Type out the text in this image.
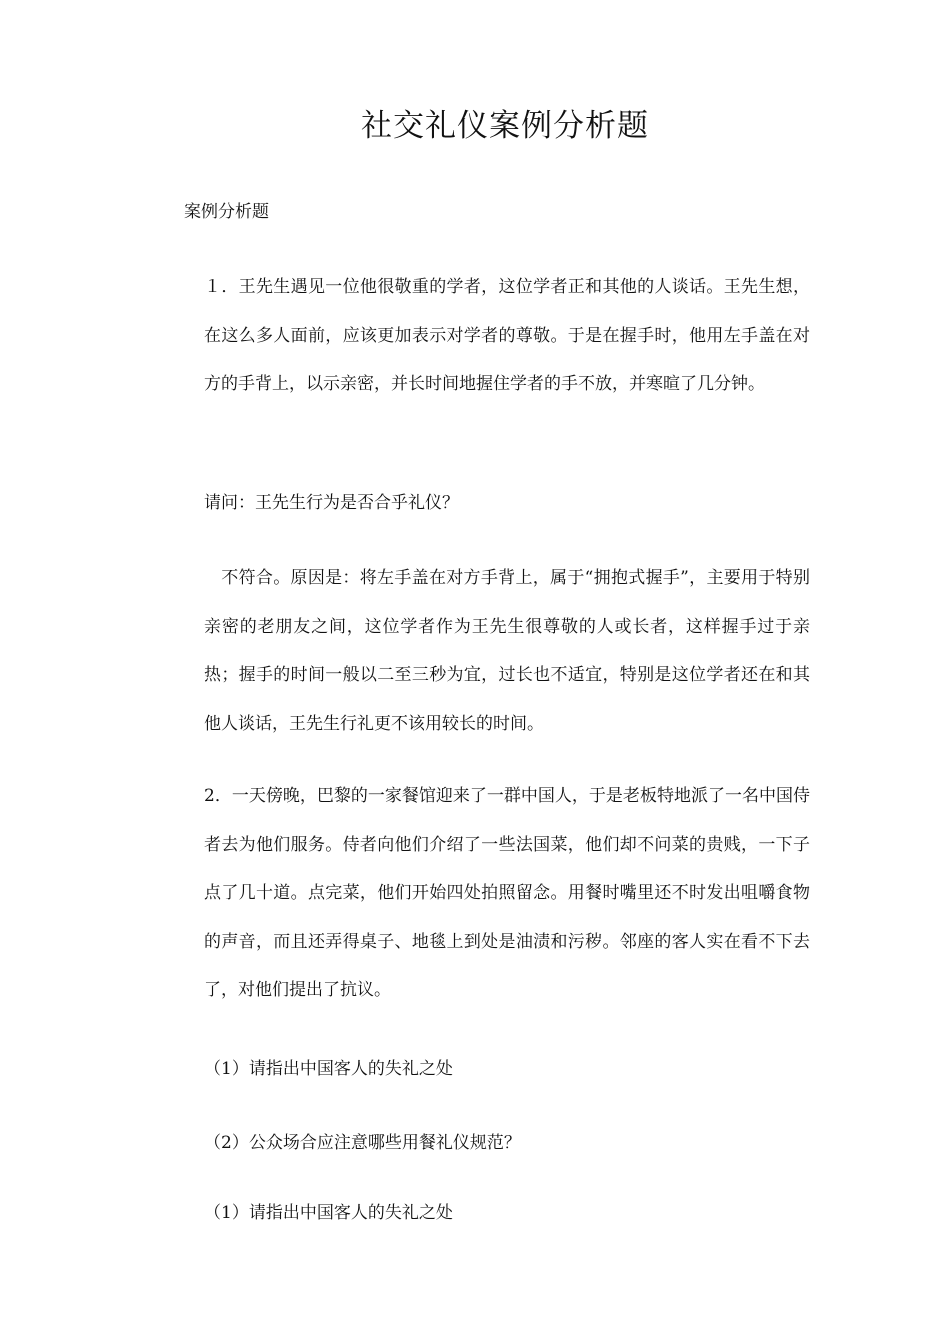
社交礼仪案例分析题
案例分析题

１．王先生遇见一位他很敬重的学者，这位学者正和其他的人谈话。王先生想，在这么多人面前，应该更加表示对学者的尊敬。于是在握手时，他用左手盖在对方的手背上，以示亲密，并长时间地握住学者的手不放，并寒暄了几分钟。

请问：王先生行为是否合乎礼仪？

　不符合。原因是：将左手盖在对方手背上，属于“拥抱式握手”，主要用于特别亲密的老朋友之间，这位学者作为王先生很尊敬的人或长者，这样握手过于亲热；握手的时间一般以二至三秒为宜，过长也不适宜，特别是这位学者还在和其他人谈话，王先生行礼更不该用较长的时间。

2．一天傍晚，巴黎的一家餐馆迎来了一群中国人，于是老板特地派了一名中国侍者去为他们服务。侍者向他们介绍了一些法国菜，他们却不问菜的贵贱，一下子点了几十道。点完菜，他们开始四处拍照留念。用餐时嘴里还不时发出咀嚼食物的声音，而且还弄得桌子、地毯上到处是油渍和污秽。邻座的客人实在看不下去了，对他们提出了抗议。

（1）请指出中国客人的失礼之处
（2）公众场合应注意哪些用餐礼仪规范？
（1）请指出中国客人的失礼之处
